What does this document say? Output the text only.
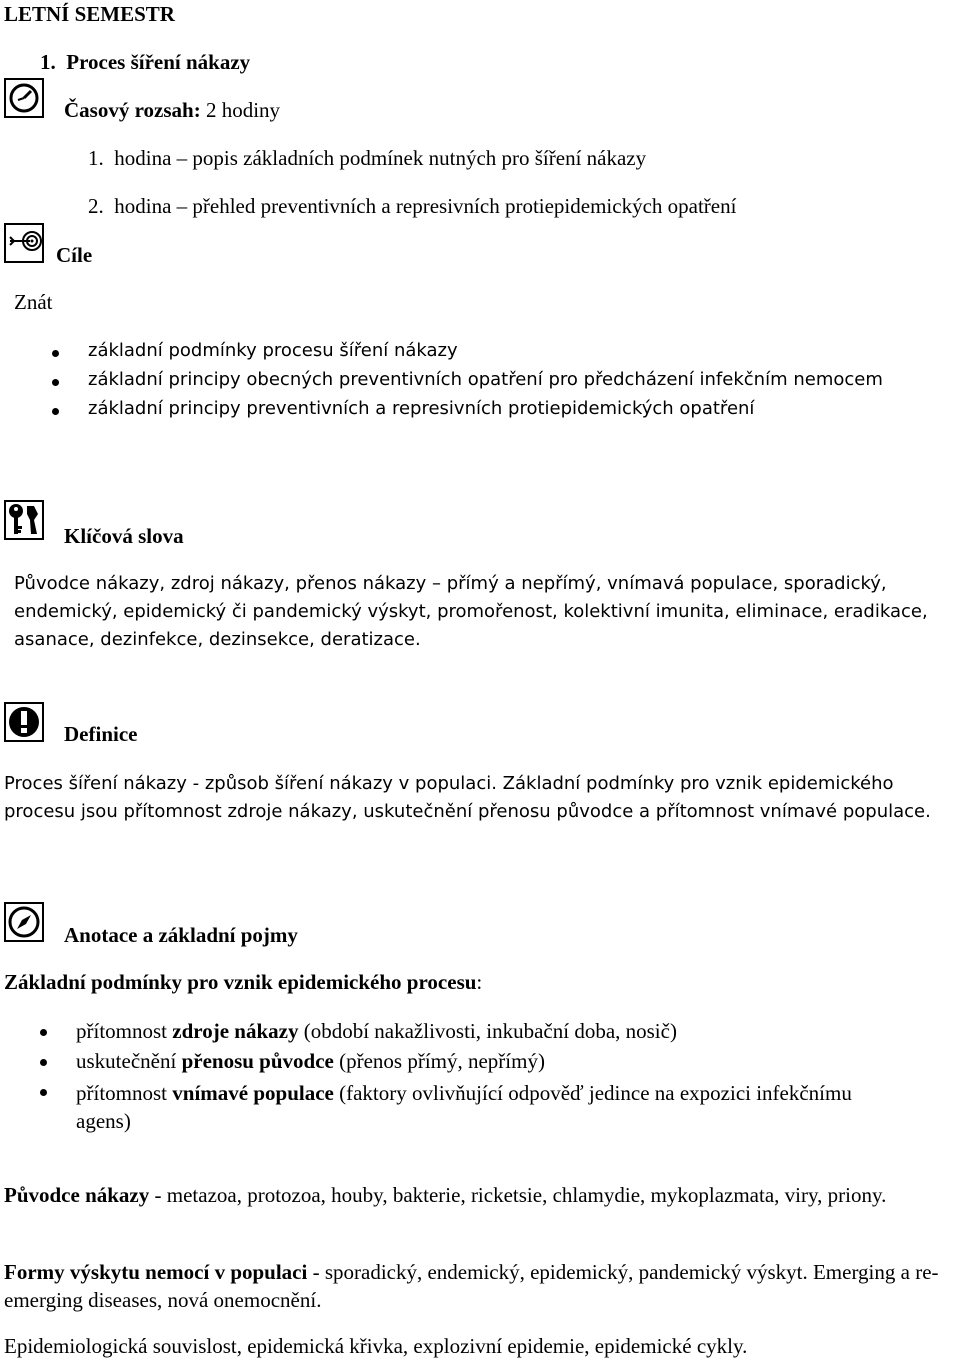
LETNÍ SEMESTR
1. Proces šíření nákazy
Časový rozsah: 2 hodiny
1. hodina – popis základních podmínek nutných pro šíření nákazy
2. hodina – přehled preventivních a represivních protiepidemických opatření
Cíle
Znát
základní podmínky procesu šíření nákazy
základní principy obecných preventivních opatření pro předcházení infekčním nemocem
základní principy preventivních a represivních protiepidemických opatření
Klíčová slova
Původce nákazy, zdroj nákazy, přenos nákazy – přímý a nepřímý, vnímavá populace, sporadický, endemický, epidemický či pandemický výskyt, promořenost, kolektivní imunita, eliminace, eradikace, asanace, dezinfekce, dezinsekce, deratizace.
Definice
Proces šíření nákazy - způsob šíření nákazy v populaci. Základní podmínky pro vznik epidemického procesu jsou přítomnost zdroje nákazy, uskutečnění přenosu původce a přítomnost vnímavé populace.
Anotace a základní pojmy
Základní podmínky pro vznik epidemického procesu:
přítomnost zdroje nákazy (období nakažlivosti, inkubační doba, nosič)
uskutečnění přenosu původce (přenos přímý, nepřímý)
přítomnost vnímavé populace (faktory ovlivňující odpověď jedince na expozici infekčnímu agens)
Původce nákazy - metazoa, protozoa, houby, bakterie, ricketsie, chlamydie, mykoplazmata, viry, priony.
Formy výskytu nemocí v populaci - sporadický, endemický, epidemický, pandemický výskyt. Emerging a re-emerging diseases, nová onemocnění.
Epidemiologická souvislost, epidemická křivka, explozivní epidemie, epidemické cykly.
